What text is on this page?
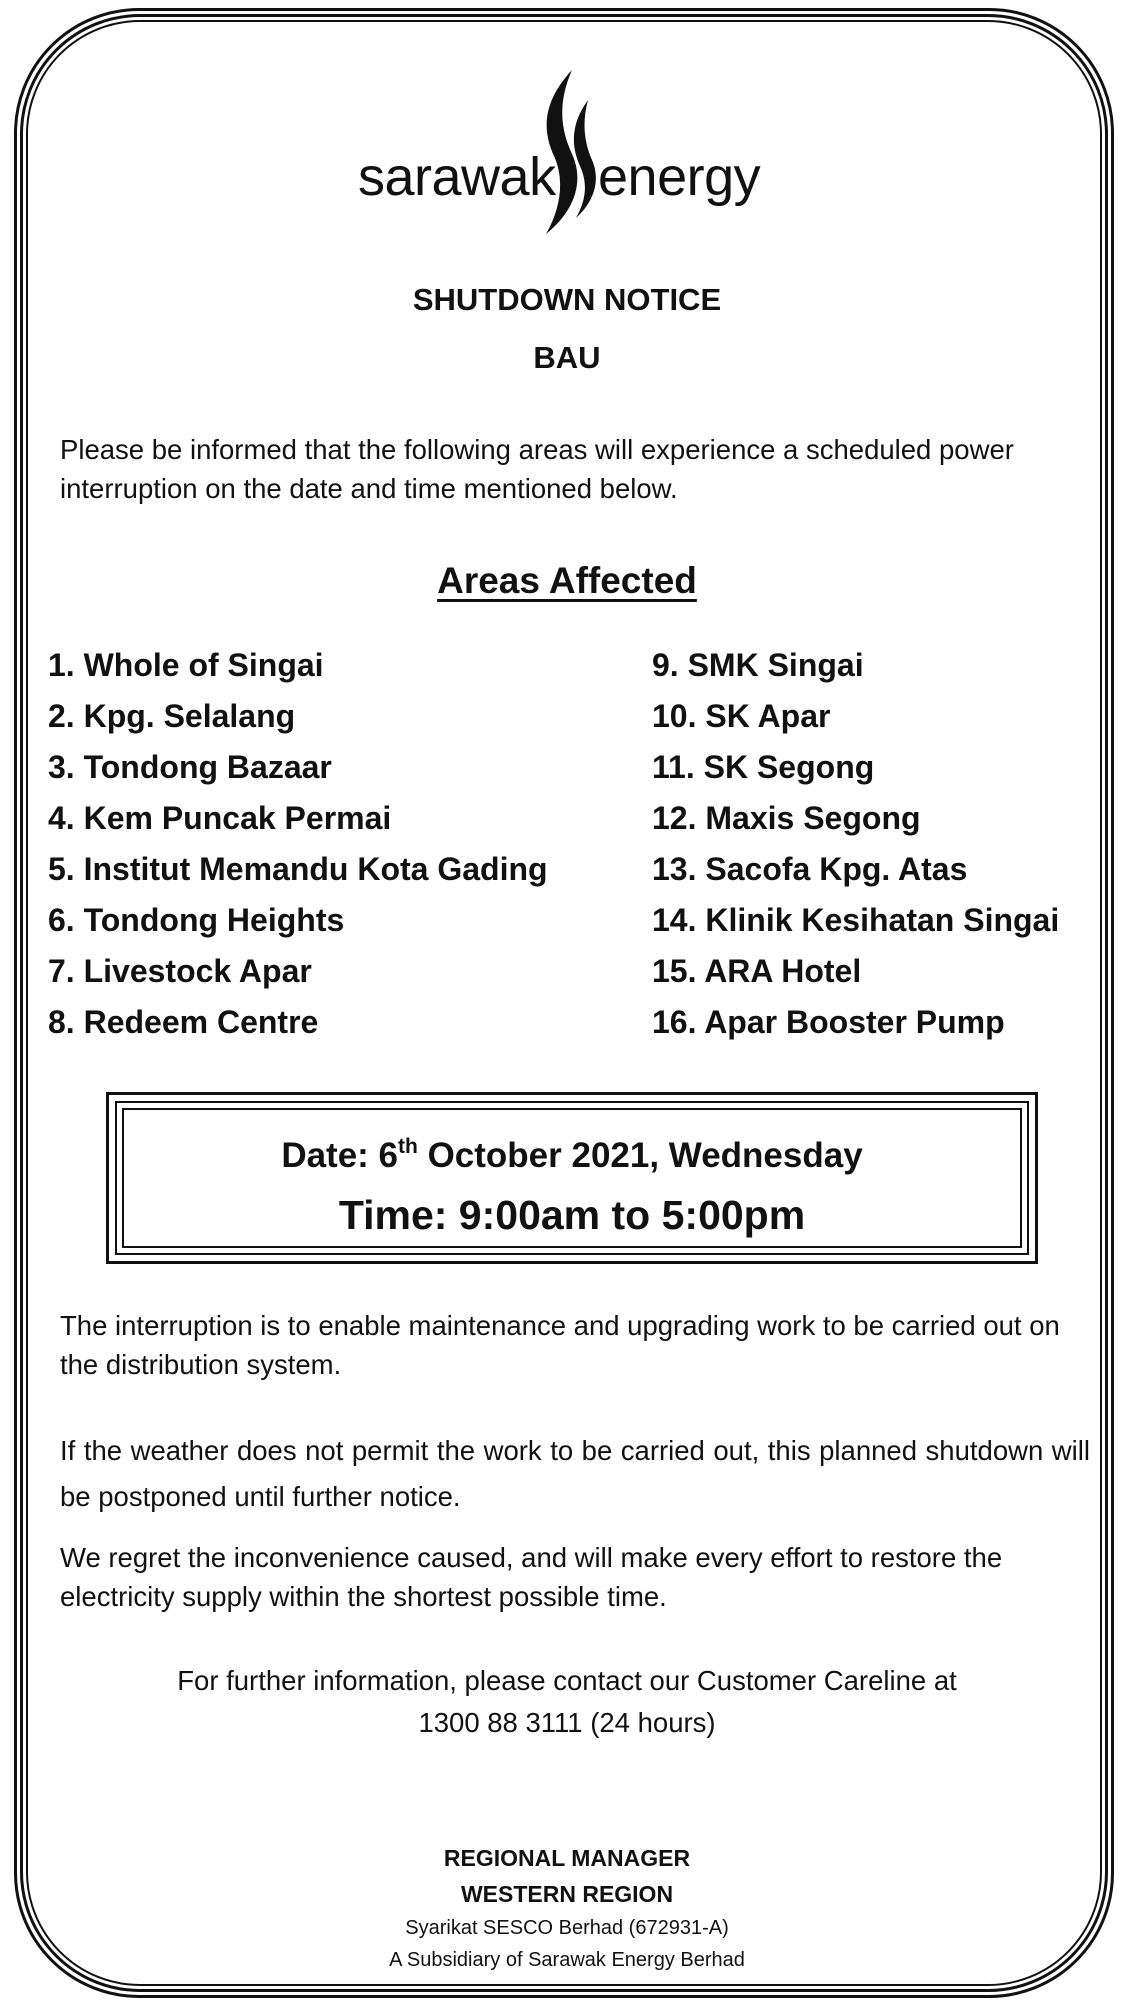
sarawak energy
SHUTDOWN NOTICE
BAU
Please be informed that the following areas will experience a scheduled power interruption on the date and time mentioned below.
Areas Affected
1. Whole of Singai
2. Kpg. Selalang
3. Tondong Bazaar
4. Kem Puncak Permai
5. Institut Memandu Kota Gading
6. Tondong Heights
7. Livestock Apar
8. Redeem Centre
9. SMK Singai
10. SK Apar
11. SK Segong
12. Maxis Segong
13. Sacofa Kpg. Atas
14. Klinik Kesihatan Singai
15. ARA Hotel
16. Apar Booster Pump
Date: 6th October 2021, Wednesday
Time: 9:00am to 5:00pm
The interruption is to enable maintenance and upgrading work to be carried out on the distribution system.
If the weather does not permit the work to be carried out, this planned shutdown will be postponed until further notice.
We regret the inconvenience caused, and will make every effort to restore the electricity supply within the shortest possible time.
For further information, please contact our Customer Careline at
1300 88 3111 (24 hours)
REGIONAL MANAGER
WESTERN REGION
Syarikat SESCO Berhad (672931-A)
A Subsidiary of Sarawak Energy Berhad
